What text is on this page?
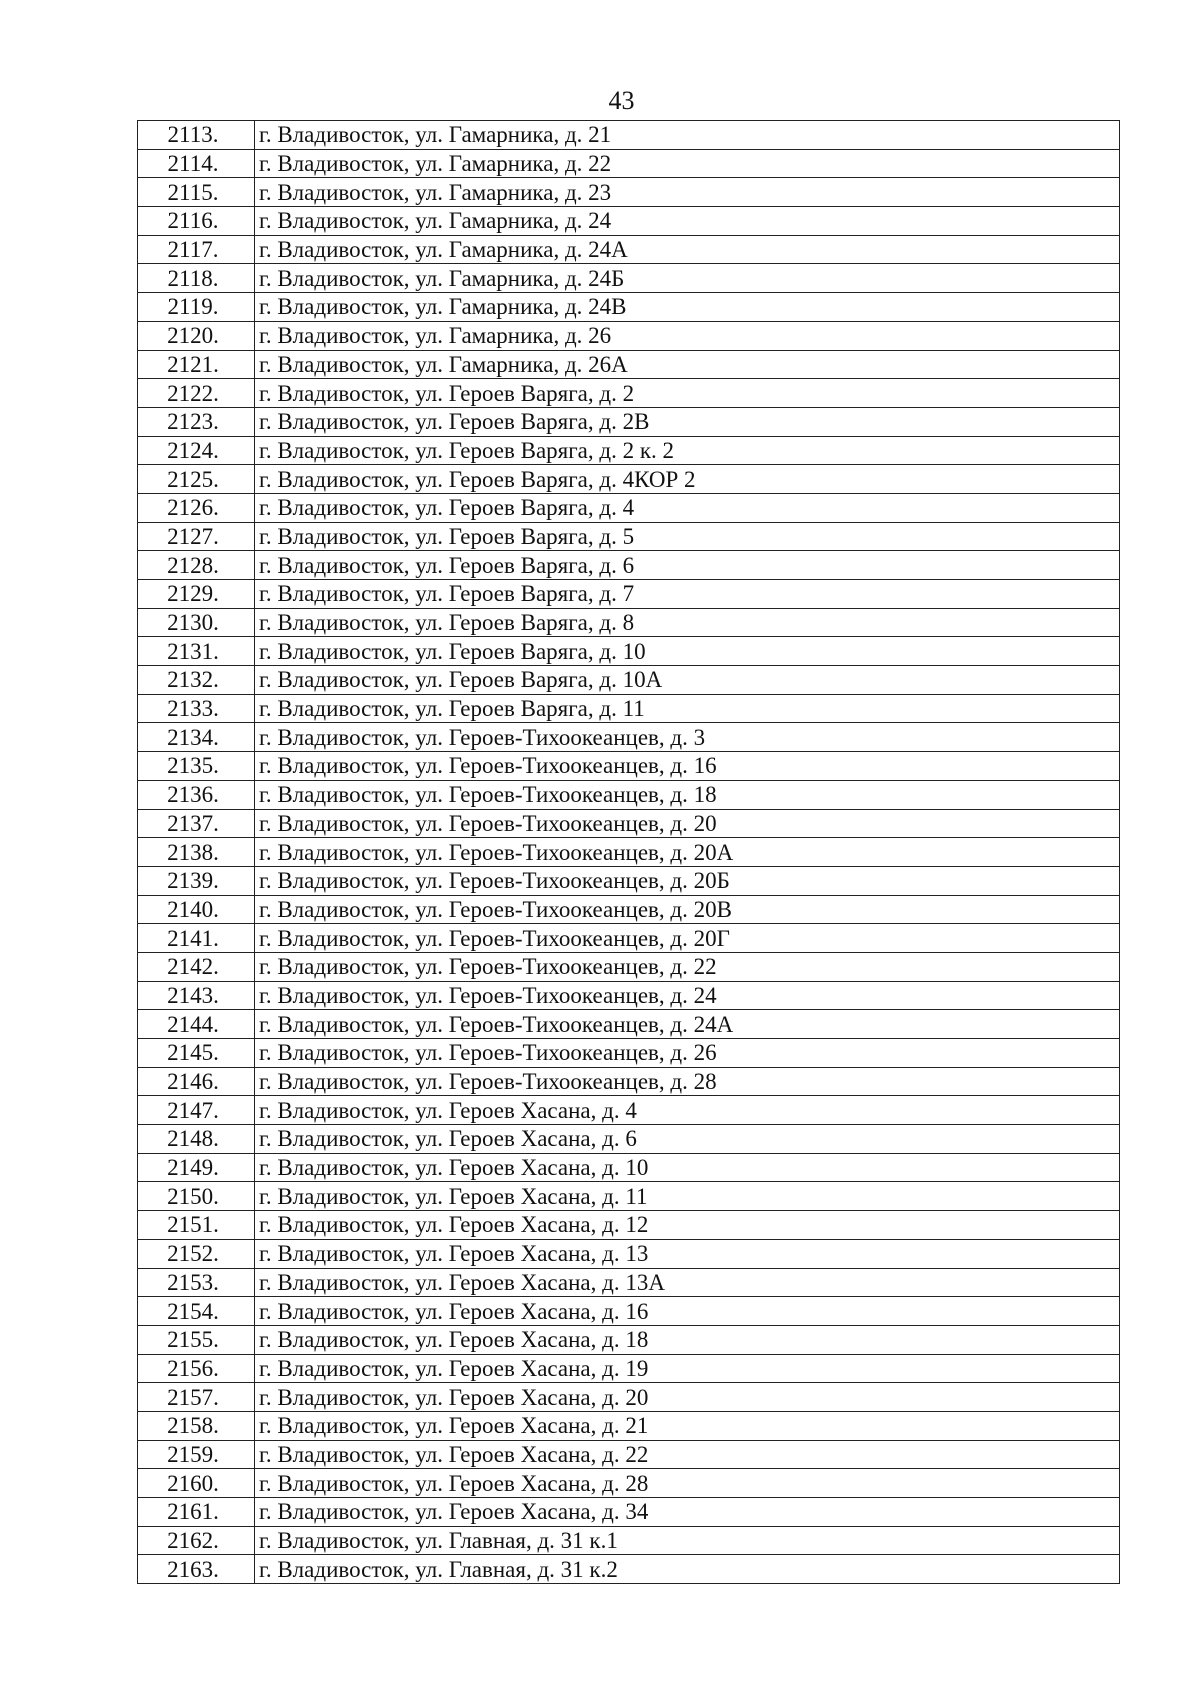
43
2113.	г. Владивосток, ул. Гамарника, д. 21
2114.	г. Владивосток, ул. Гамарника, д. 22
2115.	г. Владивосток, ул. Гамарника, д. 23
2116.	г. Владивосток, ул. Гамарника, д. 24
2117.	г. Владивосток, ул. Гамарника, д. 24А
2118.	г. Владивосток, ул. Гамарника, д. 24Б
2119.	г. Владивосток, ул. Гамарника, д. 24В
2120.	г. Владивосток, ул. Гамарника, д. 26
2121.	г. Владивосток, ул. Гамарника, д. 26А
2122.	г. Владивосток, ул. Героев Варяга, д. 2
2123.	г. Владивосток, ул. Героев Варяга, д. 2В
2124.	г. Владивосток, ул. Героев Варяга, д. 2 к. 2
2125.	г. Владивосток, ул. Героев Варяга, д. 4КОР 2
2126.	г. Владивосток, ул. Героев Варяга, д. 4
2127.	г. Владивосток, ул. Героев Варяга, д. 5
2128.	г. Владивосток, ул. Героев Варяга, д. 6
2129.	г. Владивосток, ул. Героев Варяга, д. 7
2130.	г. Владивосток, ул. Героев Варяга, д. 8
2131.	г. Владивосток, ул. Героев Варяга, д. 10
2132.	г. Владивосток, ул. Героев Варяга, д. 10А
2133.	г. Владивосток, ул. Героев Варяга, д. 11
2134.	г. Владивосток, ул. Героев-Тихоокеанцев, д. 3
2135.	г. Владивосток, ул. Героев-Тихоокеанцев, д. 16
2136.	г. Владивосток, ул. Героев-Тихоокеанцев, д. 18
2137.	г. Владивосток, ул. Героев-Тихоокеанцев, д. 20
2138.	г. Владивосток, ул. Героев-Тихоокеанцев, д. 20А
2139.	г. Владивосток, ул. Героев-Тихоокеанцев, д. 20Б
2140.	г. Владивосток, ул. Героев-Тихоокеанцев, д. 20В
2141.	г. Владивосток, ул. Героев-Тихоокеанцев, д. 20Г
2142.	г. Владивосток, ул. Героев-Тихоокеанцев, д. 22
2143.	г. Владивосток, ул. Героев-Тихоокеанцев, д. 24
2144.	г. Владивосток, ул. Героев-Тихоокеанцев, д. 24А
2145.	г. Владивосток, ул. Героев-Тихоокеанцев, д. 26
2146.	г. Владивосток, ул. Героев-Тихоокеанцев, д. 28
2147.	г. Владивосток, ул. Героев Хасана, д. 4
2148.	г. Владивосток, ул. Героев Хасана, д. 6
2149.	г. Владивосток, ул. Героев Хасана, д. 10
2150.	г. Владивосток, ул. Героев Хасана, д. 11
2151.	г. Владивосток, ул. Героев Хасана, д. 12
2152.	г. Владивосток, ул. Героев Хасана, д. 13
2153.	г. Владивосток, ул. Героев Хасана, д. 13А
2154.	г. Владивосток, ул. Героев Хасана, д. 16
2155.	г. Владивосток, ул. Героев Хасана, д. 18
2156.	г. Владивосток, ул. Героев Хасана, д. 19
2157.	г. Владивосток, ул. Героев Хасана, д. 20
2158.	г. Владивосток, ул. Героев Хасана, д. 21
2159.	г. Владивосток, ул. Героев Хасана, д. 22
2160.	г. Владивосток, ул. Героев Хасана, д. 28
2161.	г. Владивосток, ул. Героев Хасана, д. 34
2162.	г. Владивосток, ул. Главная, д. 31 к.1
2163.	г. Владивосток, ул. Главная, д. 31 к.2
